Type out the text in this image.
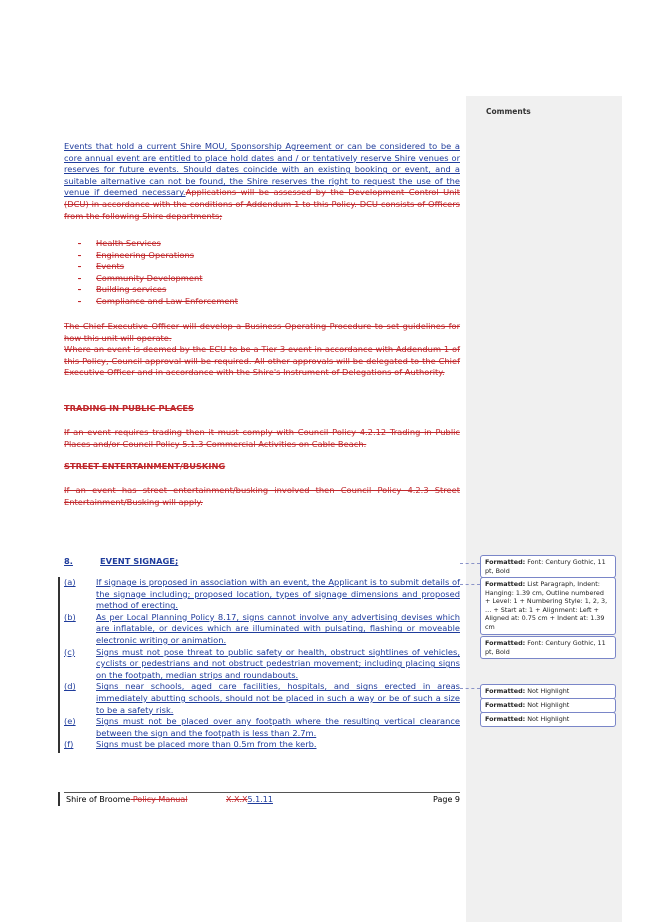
Comments
Events that hold a current Shire MOU, Sponsorship Agreement or can be considered to be a core annual event are entitled to place hold dates and / or tentatively reserve Shire venues or reserves for future events. Should dates coincide with an existing booking or event, and a suitable alternative can not be found, the Shire reserves the right to request the use of the venue if deemed necessary.Applications will be assessed by the Development Control Unit (DCU) in accordance with the conditions of Addendum 1 to this Policy. DCU consists of Officers from the following Shire departments;
-	Health Services
-	Engineering Operations
-	Events
-	Community Development
-	Building services
-	Compliance and Law Enforcement
The Chief Executive Officer will develop a Business Operating Procedure to set guidelines for how this unit will operate.
Where an event is deemed by the ECU to be a Tier 3 event in accordance with Addendum 1 of this Policy, Council approval will be required. All other approvals will be delegated to the Chief Executive Officer and in accordance with the Shire's Instrument of Delegations of Authority.
TRADING IN PUBLIC PLACES
If an event requires trading then it must comply with Council Policy 4.2.12 Trading in Public Places and/or Council Policy 5.1.3 Commercial Activities on Cable Beach.
STREET ENTERTAINMENT/BUSKING
If an event has street entertainment/busking involved then Council Policy 4.2.3 Street Entertainment/Busking will apply.
8.	EVENT SIGNAGE;
(a)	If signage is proposed in association with an event, the Applicant is to submit details of the signage including; proposed location, types of signage dimensions and proposed method of erecting.
(b)	As per Local Planning Policy 8.17, signs cannot involve any advertising devises which are inflatable, or devices which are illuminated with pulsating, flashing or moveable electronic writing or animation.
(c)	Signs must not pose threat to public safety or health, obstruct sightlines of vehicles, cyclists or pedestrians and not obstruct pedestrian movement; including placing signs on the footpath, median strips and roundabouts.
(d)	Signs near schools, aged care facilities, hospitals, and signs erected in areas immediately abutting schools, should not be placed in such a way or be of such a size to be a safety risk.
(e)	Signs must not be placed over any footpath where the resulting vertical clearance between the sign and the footpath is less than 2.7m.
(f)	Signs must be placed more than 0.5m from the kerb.
Shire of Broome Policy Manual	X.X.X5.1.11	Page 9
Formatted: Font: Century Gothic, 11 pt, Bold
Formatted: List Paragraph, Indent: Hanging: 1.39 cm, Outline numbered + Level: 1 + Numbering Style: 1, 2, 3, … + Start at: 1 + Alignment: Left + Aligned at: 0.75 cm + Indent at: 1.39 cm
Formatted: Font: Century Gothic, 11 pt, Bold
Formatted: Not Highlight
Formatted: Not Highlight
Formatted: Not Highlight
